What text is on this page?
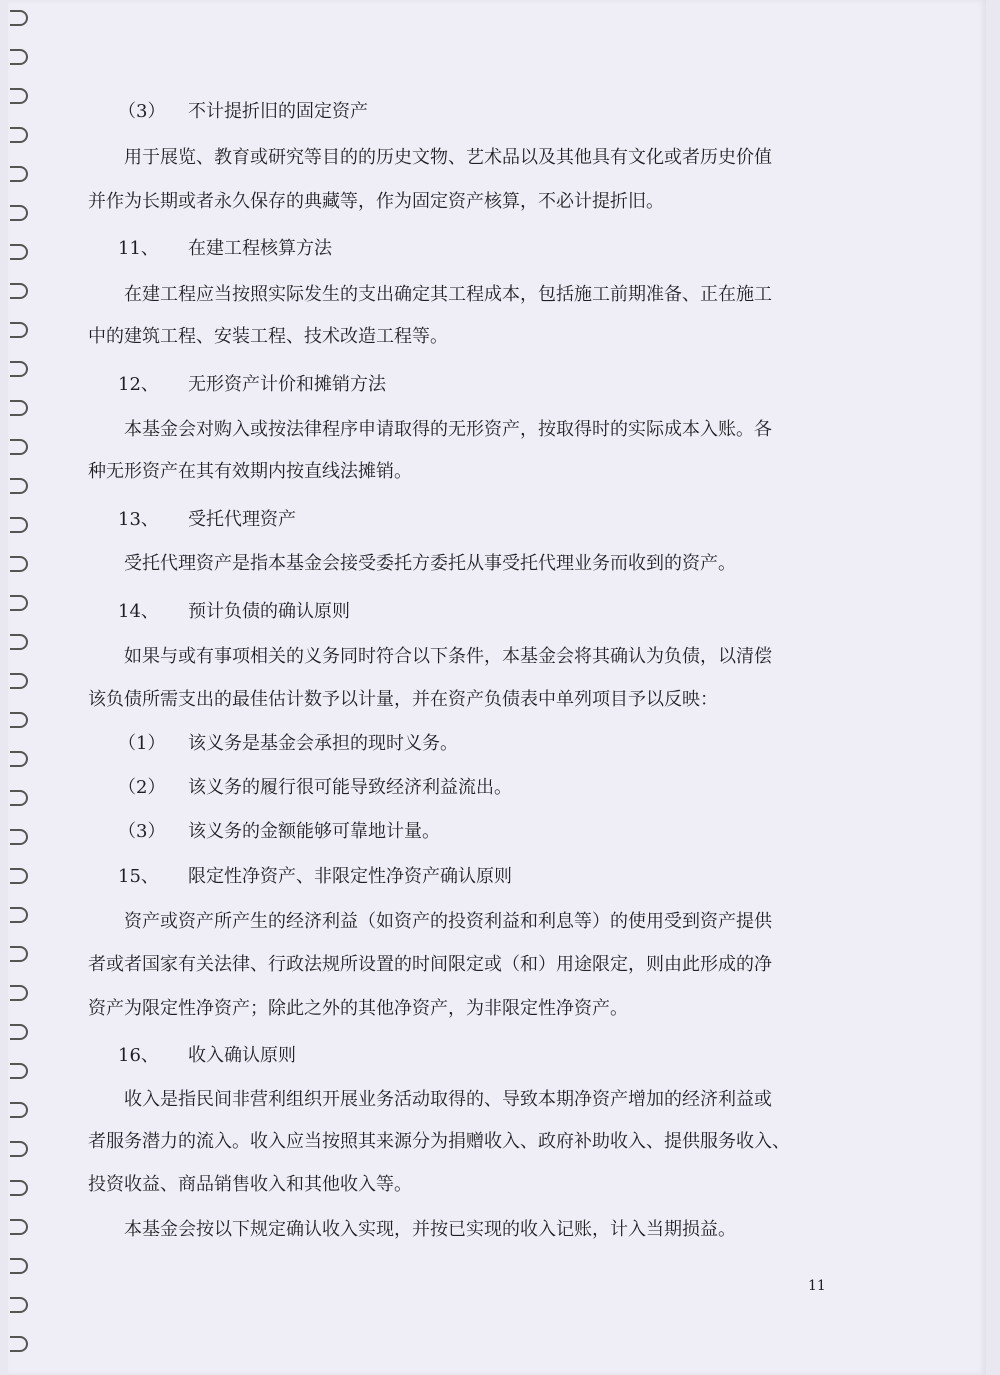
（3） 不计提折旧的固定资产
用于展览、教育或研究等目的的历史文物、艺术品以及其他具有文化或者历史价值
并作为长期或者永久保存的典藏等，作为固定资产核算，不必计提折旧。
11、 在建工程核算方法
在建工程应当按照实际发生的支出确定其工程成本，包括施工前期准备、正在施工
中的建筑工程、安装工程、技术改造工程等。
12、 无形资产计价和摊销方法
本基金会对购入或按法律程序申请取得的无形资产，按取得时的实际成本入账。各
种无形资产在其有效期内按直线法摊销。
13、 受托代理资产
受托代理资产是指本基金会接受委托方委托从事受托代理业务而收到的资产。
14、 预计负债的确认原则
如果与或有事项相关的义务同时符合以下条件，本基金会将其确认为负债，以清偿
该负债所需支出的最佳估计数予以计量，并在资产负债表中单列项目予以反映：
（1） 该义务是基金会承担的现时义务。
（2） 该义务的履行很可能导致经济利益流出。
（3） 该义务的金额能够可靠地计量。
15、 限定性净资产、非限定性净资产确认原则
资产或资产所产生的经济利益（如资产的投资利益和利息等）的使用受到资产提供
者或者国家有关法律、行政法规所设置的时间限定或（和）用途限定，则由此形成的净
资产为限定性净资产；除此之外的其他净资产，为非限定性净资产。
16、 收入确认原则
收入是指民间非营利组织开展业务活动取得的、导致本期净资产增加的经济利益或
者服务潜力的流入。收入应当按照其来源分为捐赠收入、政府补助收入、提供服务收入、
投资收益、商品销售收入和其他收入等。
本基金会按以下规定确认收入实现，并按已实现的收入记账，计入当期损益。
11
